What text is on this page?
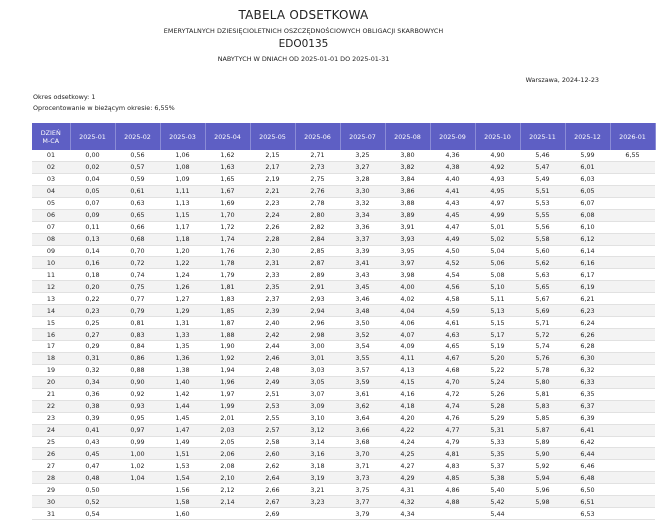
TABELA ODSETKOWA
EMERYTALNYCH DZIESIĘCIOLETNICH OSZCZĘDNOŚCIOWYCH OBLIGACJI SKARBOWYCH
EDO0135
NABYTYCH W DNIACH OD 2025-01-01 DO 2025-01-31
Warszawa, 2024-12-23
Okres odsetkowy: 1
Oprocentowanie w bieżącym okresie: 6,55%
DZIEŃ
M-CA	2025-01	2025-02	2025-03	2025-04	2025-05	2025-06	2025-07	2025-08	2025-09	2025-10	2025-11	2025-12	2026-01
01	0,00	0,56	1,06	1,62	2,15	2,71	3,25	3,80	4,36	4,90	5,46	5,99	6,55
02	0,02	0,57	1,08	1,63	2,17	2,73	3,27	3,82	4,38	4,92	5,47	6,01	
03	0,04	0,59	1,09	1,65	2,19	2,75	3,28	3,84	4,40	4,93	5,49	6,03	
04	0,05	0,61	1,11	1,67	2,21	2,76	3,30	3,86	4,41	4,95	5,51	6,05	
05	0,07	0,63	1,13	1,69	2,23	2,78	3,32	3,88	4,43	4,97	5,53	6,07	
06	0,09	0,65	1,15	1,70	2,24	2,80	3,34	3,89	4,45	4,99	5,55	6,08	
07	0,11	0,66	1,17	1,72	2,26	2,82	3,36	3,91	4,47	5,01	5,56	6,10	
08	0,13	0,68	1,18	1,74	2,28	2,84	3,37	3,93	4,49	5,02	5,58	6,12	
09	0,14	0,70	1,20	1,76	2,30	2,85	3,39	3,95	4,50	5,04	5,60	6,14	
10	0,16	0,72	1,22	1,78	2,31	2,87	3,41	3,97	4,52	5,06	5,62	6,16	
11	0,18	0,74	1,24	1,79	2,33	2,89	3,43	3,98	4,54	5,08	5,63	6,17	
12	0,20	0,75	1,26	1,81	2,35	2,91	3,45	4,00	4,56	5,10	5,65	6,19	
13	0,22	0,77	1,27	1,83	2,37	2,93	3,46	4,02	4,58	5,11	5,67	6,21	
14	0,23	0,79	1,29	1,85	2,39	2,94	3,48	4,04	4,59	5,13	5,69	6,23	
15	0,25	0,81	1,31	1,87	2,40	2,96	3,50	4,06	4,61	5,15	5,71	6,24	
16	0,27	0,83	1,33	1,88	2,42	2,98	3,52	4,07	4,63	5,17	5,72	6,26	
17	0,29	0,84	1,35	1,90	2,44	3,00	3,54	4,09	4,65	5,19	5,74	6,28	
18	0,31	0,86	1,36	1,92	2,46	3,01	3,55	4,11	4,67	5,20	5,76	6,30	
19	0,32	0,88	1,38	1,94	2,48	3,03	3,57	4,13	4,68	5,22	5,78	6,32	
20	0,34	0,90	1,40	1,96	2,49	3,05	3,59	4,15	4,70	5,24	5,80	6,33	
21	0,36	0,92	1,42	1,97	2,51	3,07	3,61	4,16	4,72	5,26	5,81	6,35	
22	0,38	0,93	1,44	1,99	2,53	3,09	3,62	4,18	4,74	5,28	5,83	6,37	
23	0,39	0,95	1,45	2,01	2,55	3,10	3,64	4,20	4,76	5,29	5,85	6,39	
24	0,41	0,97	1,47	2,03	2,57	3,12	3,66	4,22	4,77	5,31	5,87	6,41	
25	0,43	0,99	1,49	2,05	2,58	3,14	3,68	4,24	4,79	5,33	5,89	6,42	
26	0,45	1,00	1,51	2,06	2,60	3,16	3,70	4,25	4,81	5,35	5,90	6,44	
27	0,47	1,02	1,53	2,08	2,62	3,18	3,71	4,27	4,83	5,37	5,92	6,46	
28	0,48	1,04	1,54	2,10	2,64	3,19	3,73	4,29	4,85	5,38	5,94	6,48	
29	0,50		1,56	2,12	2,66	3,21	3,75	4,31	4,86	5,40	5,96	6,50	
30	0,52		1,58	2,14	2,67	3,23	3,77	4,32	4,88	5,42	5,98	6,51	
31	0,54		1,60		2,69		3,79	4,34		5,44		6,53	
